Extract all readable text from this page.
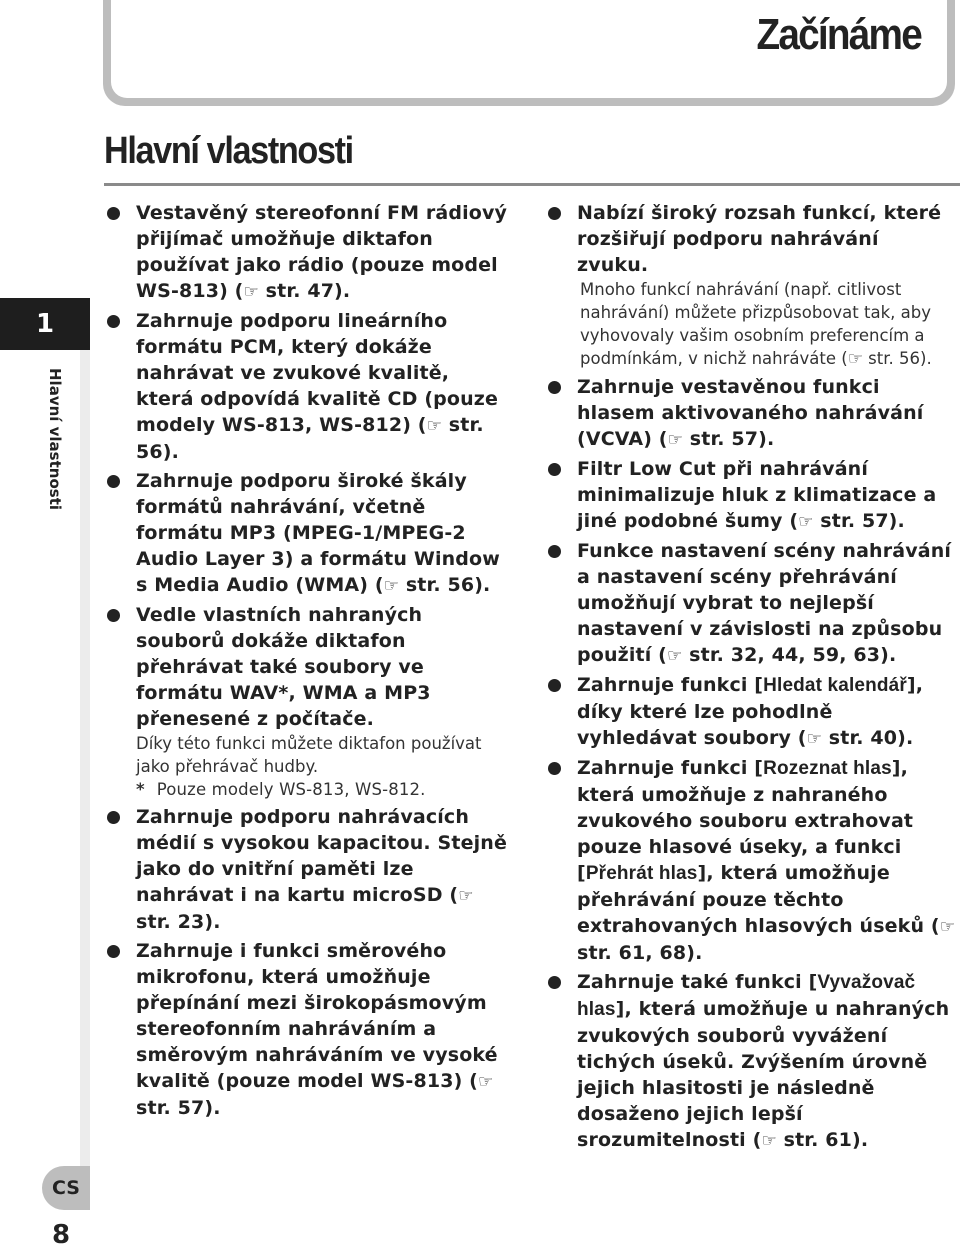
Začínáme
Hlavní vlastnosti
1
Hlavní vlastnosti
CS

8

Vestavěný stereofonní FM rádiový přijímač umožňuje diktafon používat jako rádio (pouze model WS-813) (☞ str. 47).
Zahrnuje podporu lineárního formátu PCM, který dokáže nahrávat ve zvukové kvalitě, která odpovídá kvalitě CD (pouze modely WS-813, WS-812) (☞ str. 56).
Zahrnuje podporu široké škály formátů nahrávání, včetně formátu MP3 (MPEG-1/MPEG-2 Audio Layer 3) a formátu Window s Media Audio (WMA) (☞ str. 56).
Vedle vlastních nahraných souborů dokáže diktafon přehrávat také soubory ve formátu WAV*, WMA a MP3 přenesené z počítače.
Díky této funkci můžete diktafon používat jako přehrávač hudby.
* Pouze modely WS-813, WS-812.
Zahrnuje podporu nahrávacích médií s vysokou kapacitou. Stejně jako do vnitřní paměti lze nahrávat i na kartu microSD (☞ str. 23).
Zahrnuje i funkci směrového mikrofonu, která umožňuje přepínání mezi širokopásmovým stereofonním nahráváním a směrovým nahráváním ve vysoké kvalitě (pouze model WS-813) (☞ str. 57).
Nabízí široký rozsah funkcí, které rozšiřují podporu nahrávání zvuku.
Mnoho funkcí nahrávání (např. citlivost nahrávání) můžete přizpůsobovat tak, aby vyhovovaly vašim osobním preferencím a podmínkám, v nichž nahráváte (☞ str. 56).
Zahrnuje vestavěnou funkci hlasem aktivovaného nahrávání (VCVA) (☞ str. 57).
Filtr Low Cut při nahrávání minimalizuje hluk z klimatizace a jiné podobné šumy (☞ str. 57).
Funkce nastavení scény nahrávání a nastavení scény přehrávání umožňují vybrat to nejlepší nastavení v závislosti na způsobu použití (☞ str. 32, 44, 59, 63).
Zahrnuje funkci [Hledat kalendář], díky které lze pohodlně vyhledávat soubory (☞ str. 40).
Zahrnuje funkci [Rozeznat hlas], která umožňuje z nahraného zvukového souboru extrahovat pouze hlasové úseky, a funkci [Přehrát hlas], která umožňuje přehrávání pouze těchto extrahovaných hlasových úseků (☞ str. 61, 68).
Zahrnuje také funkci [Vyvažovač hlas], která umožňuje u nahraných zvukových souborů vyvážení tichých úseků. Zvýšením úrovně jejich hlasitosti je následně dosaženo jejich lepší srozumitelnosti (☞ str. 61).
